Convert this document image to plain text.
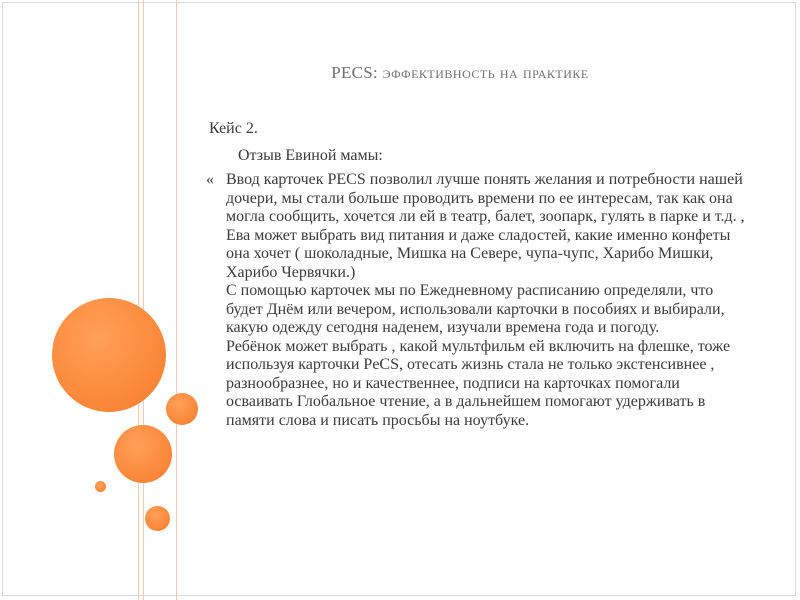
PECS: эффективность на практике
Кейс 2.
Отзыв Евиной мамы:
« Ввод карточек PECS позволил лучше понять желания и потребности нашей дочери, мы стали больше проводить времени по ее интересам, так как она могла сообщить, хочется ли ей в театр, балет, зоопарк, гулять в парке и т.д. , Ева может выбрать вид питания и даже сладостей, какие именно конфеты она хочет ( шоколадные, Мишка на Севере, чупа-чупс, Харибо Мишки, Харибо Червячки.)

С помощью карточек мы по Ежедневному расписанию определяли, что будет Днём или вечером, использовали карточки в пособиях и выбирали, какую одежду сегодня наденем, изучали времена года и погоду.

Ребёнок может выбрать , какой мультфильм ей включить на флешке, тоже используя карточки PeCS, отесать жизнь стала не только экстенсивнее , разнообразнее, но и качественнее, подписи на карточках помогали осваивать Глобальное чтение, а в дальнейшем помогают удерживать в памяти слова и писать просьбы на ноутбуке.
